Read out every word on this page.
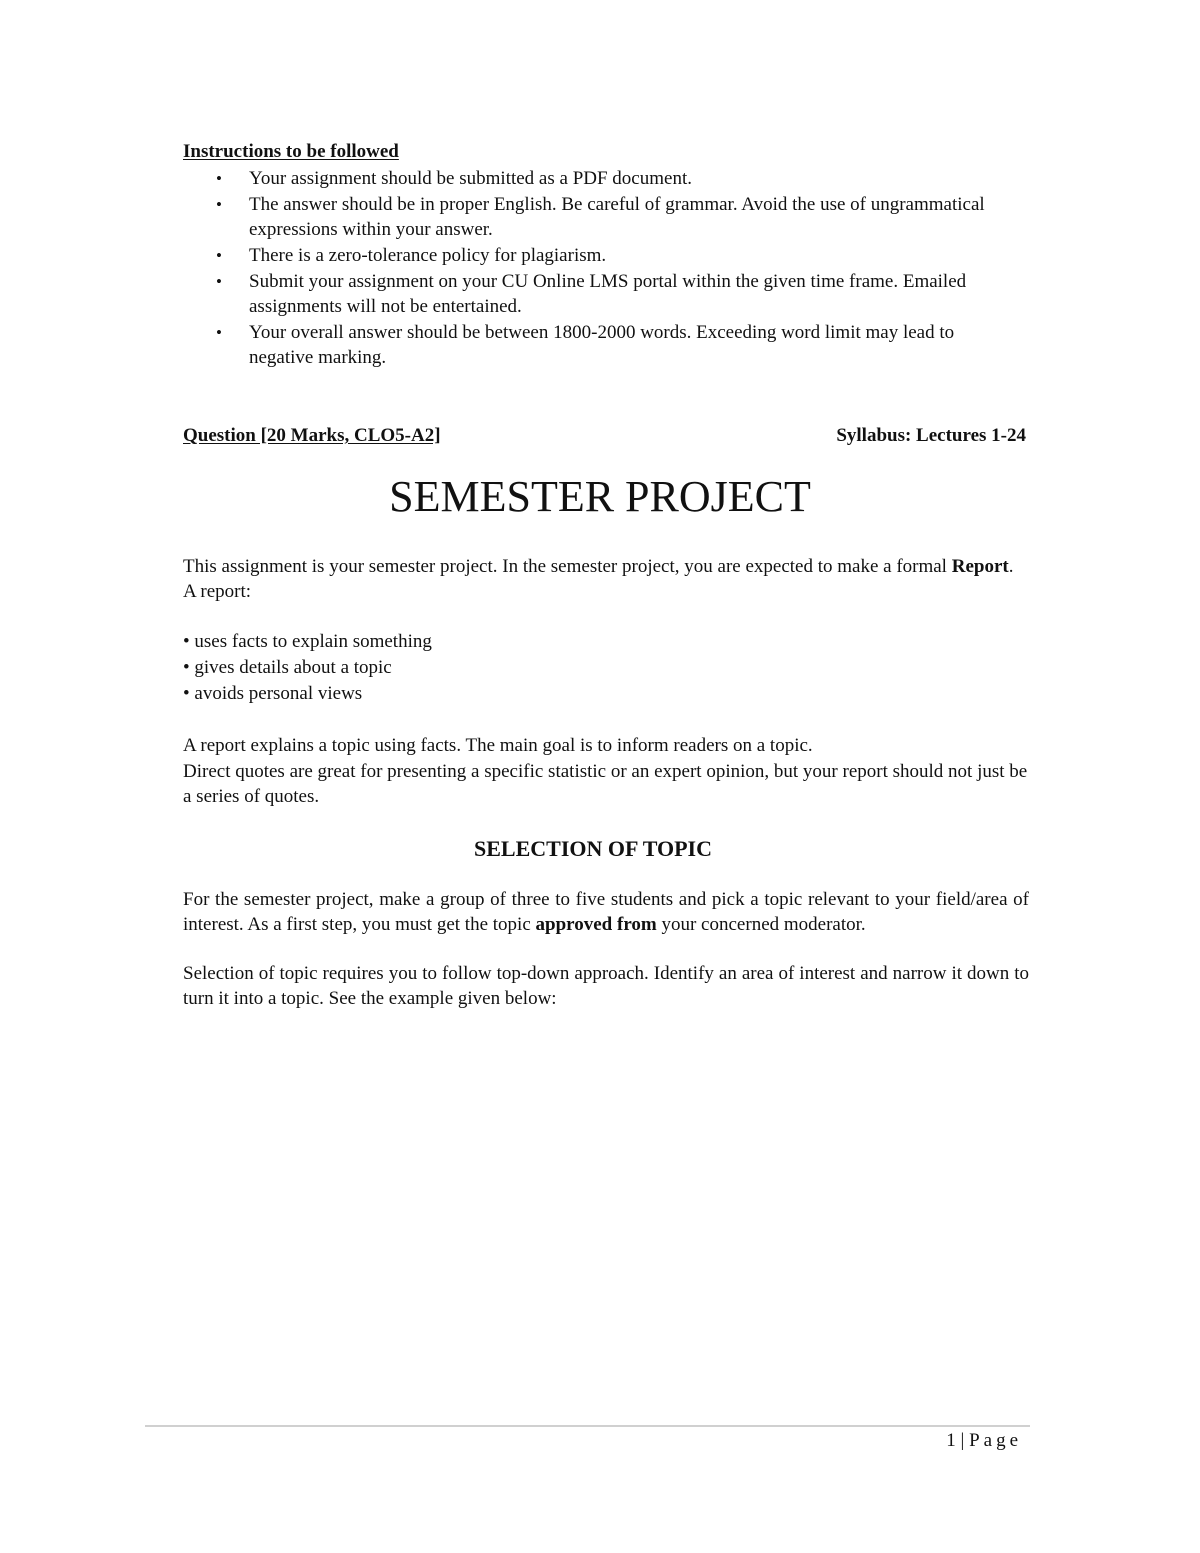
Instructions to be followed
• Your assignment should be submitted as a PDF document.
• The answer should be in proper English. Be careful of grammar. Avoid the use of ungrammatical expressions within your answer.
• There is a zero-tolerance policy for plagiarism.
• Submit your assignment on your CU Online LMS portal within the given time frame. Emailed assignments will not be entertained.
• Your overall answer should be between 1800-2000 words. Exceeding word limit may lead to negative marking.
Question [20 Marks, CLO5-A2]	Syllabus: Lectures 1-24
SEMESTER PROJECT

This assignment is your semester project. In the semester project, you are expected to make a formal Report. A report:

• uses facts to explain something
• gives details about a topic
• avoids personal views

A report explains a topic using facts. The main goal is to inform readers on a topic.

Direct quotes are great for presenting a specific statistic or an expert opinion, but your report should not just be a series of quotes.

SELECTION OF TOPIC

For the semester project, make a group of three to five students and pick a topic relevant to your field/area of interest. As a first step, you must get the topic approved from your concerned moderator.

Selection of topic requires you to follow top-down approach. Identify an area of interest and narrow it down to turn it into a topic. See the example given below:

1 | Page
